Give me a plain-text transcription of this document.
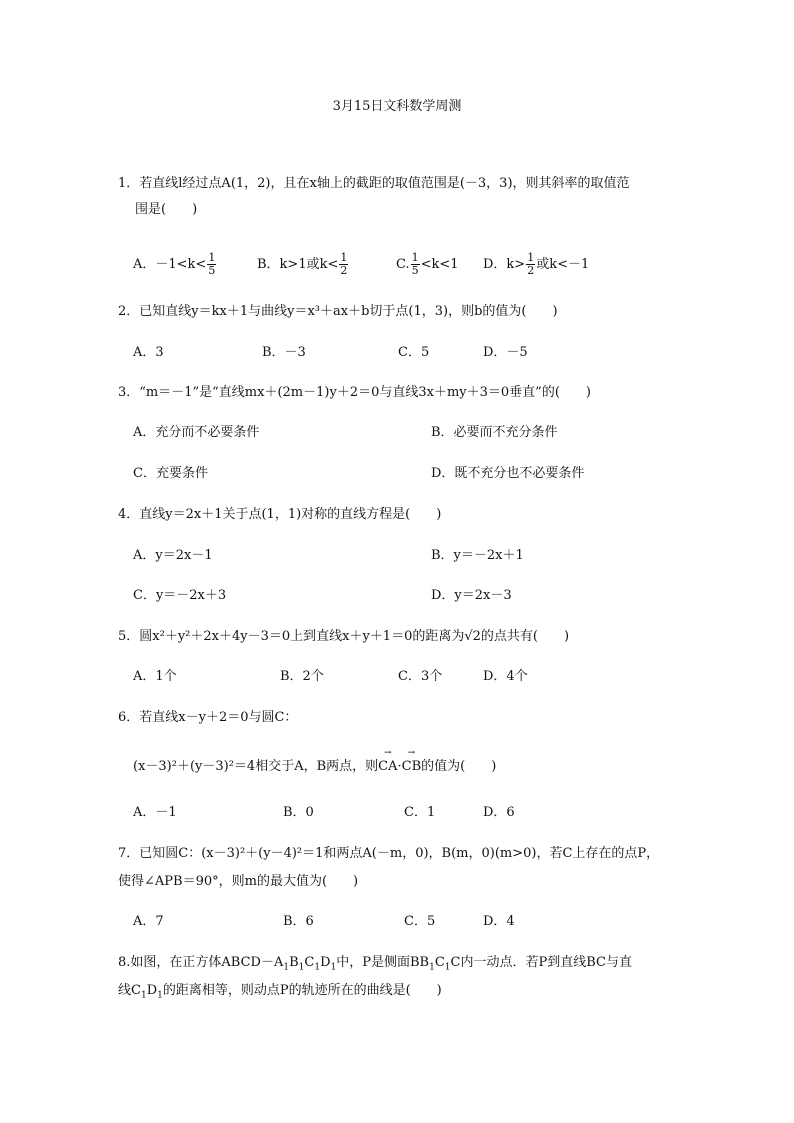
3月15日文科数学周测
1．若直线l经过点A(1，2)，且在x轴上的截距的取值范围是(－3，3)，则其斜率的取值范
围是(　　)
A．$-1<k< \frac{1}{5}$	B．k>1或$k< \frac{1}{2}$	C. $\frac{1}{5} <k<1$ D．$k> \frac{1}{2}$ 或k<－1
2．已知直线y＝kx＋1与曲线y＝x³＋ax＋b切于点(1，3)，则b的值为(　　)
A．3	B．－3	C．5	D．－5
3．“m＝－1”是“直线mx＋(2m－1)y＋2＝0与直线3x＋my＋3＝0垂直”的(　　)
A．充分而不必要条件	B．必要而不充分条件
C．充要条件	D．既不充分也不必要条件
4．直线y＝2x＋1关于点(1，1)对称的直线方程是(　　)
A．y＝2x－1	B．y＝－2x＋1
C．y＝－2x＋3	D．y＝2x－3
5．圆x²＋y²＋2x＋4y－3＝0上到直线x＋y＋1＝0的距离为√2的点共有(　　)
A．1个	B．2个	C．3个	D．4个
6．若直线x－y＋2＝0与圆C：
(x－3)²＋(y－3)²＝4相交于A，B两点，则
→
CA·
→
CB的值为(　　)
A．－1	B．0	C．1	D．6
7．已知圆C：(x－3)²＋(y－4)²＝1和两点A(－m，0)，B(m，0)(m>0)，若C上存在的点P，
使得∠APB＝90°，则m的最大值为(　　)
A．7	B．6	C．5	D．4
8.如图，在正方体$ABCD-A_1B_1C_1D_1$中，P是侧面$BB_1C_1C$内一动点．若P到直线BC与直
线$C_1D_1$的距离相等，则动点P的轨迹所在的曲线是(　　)
